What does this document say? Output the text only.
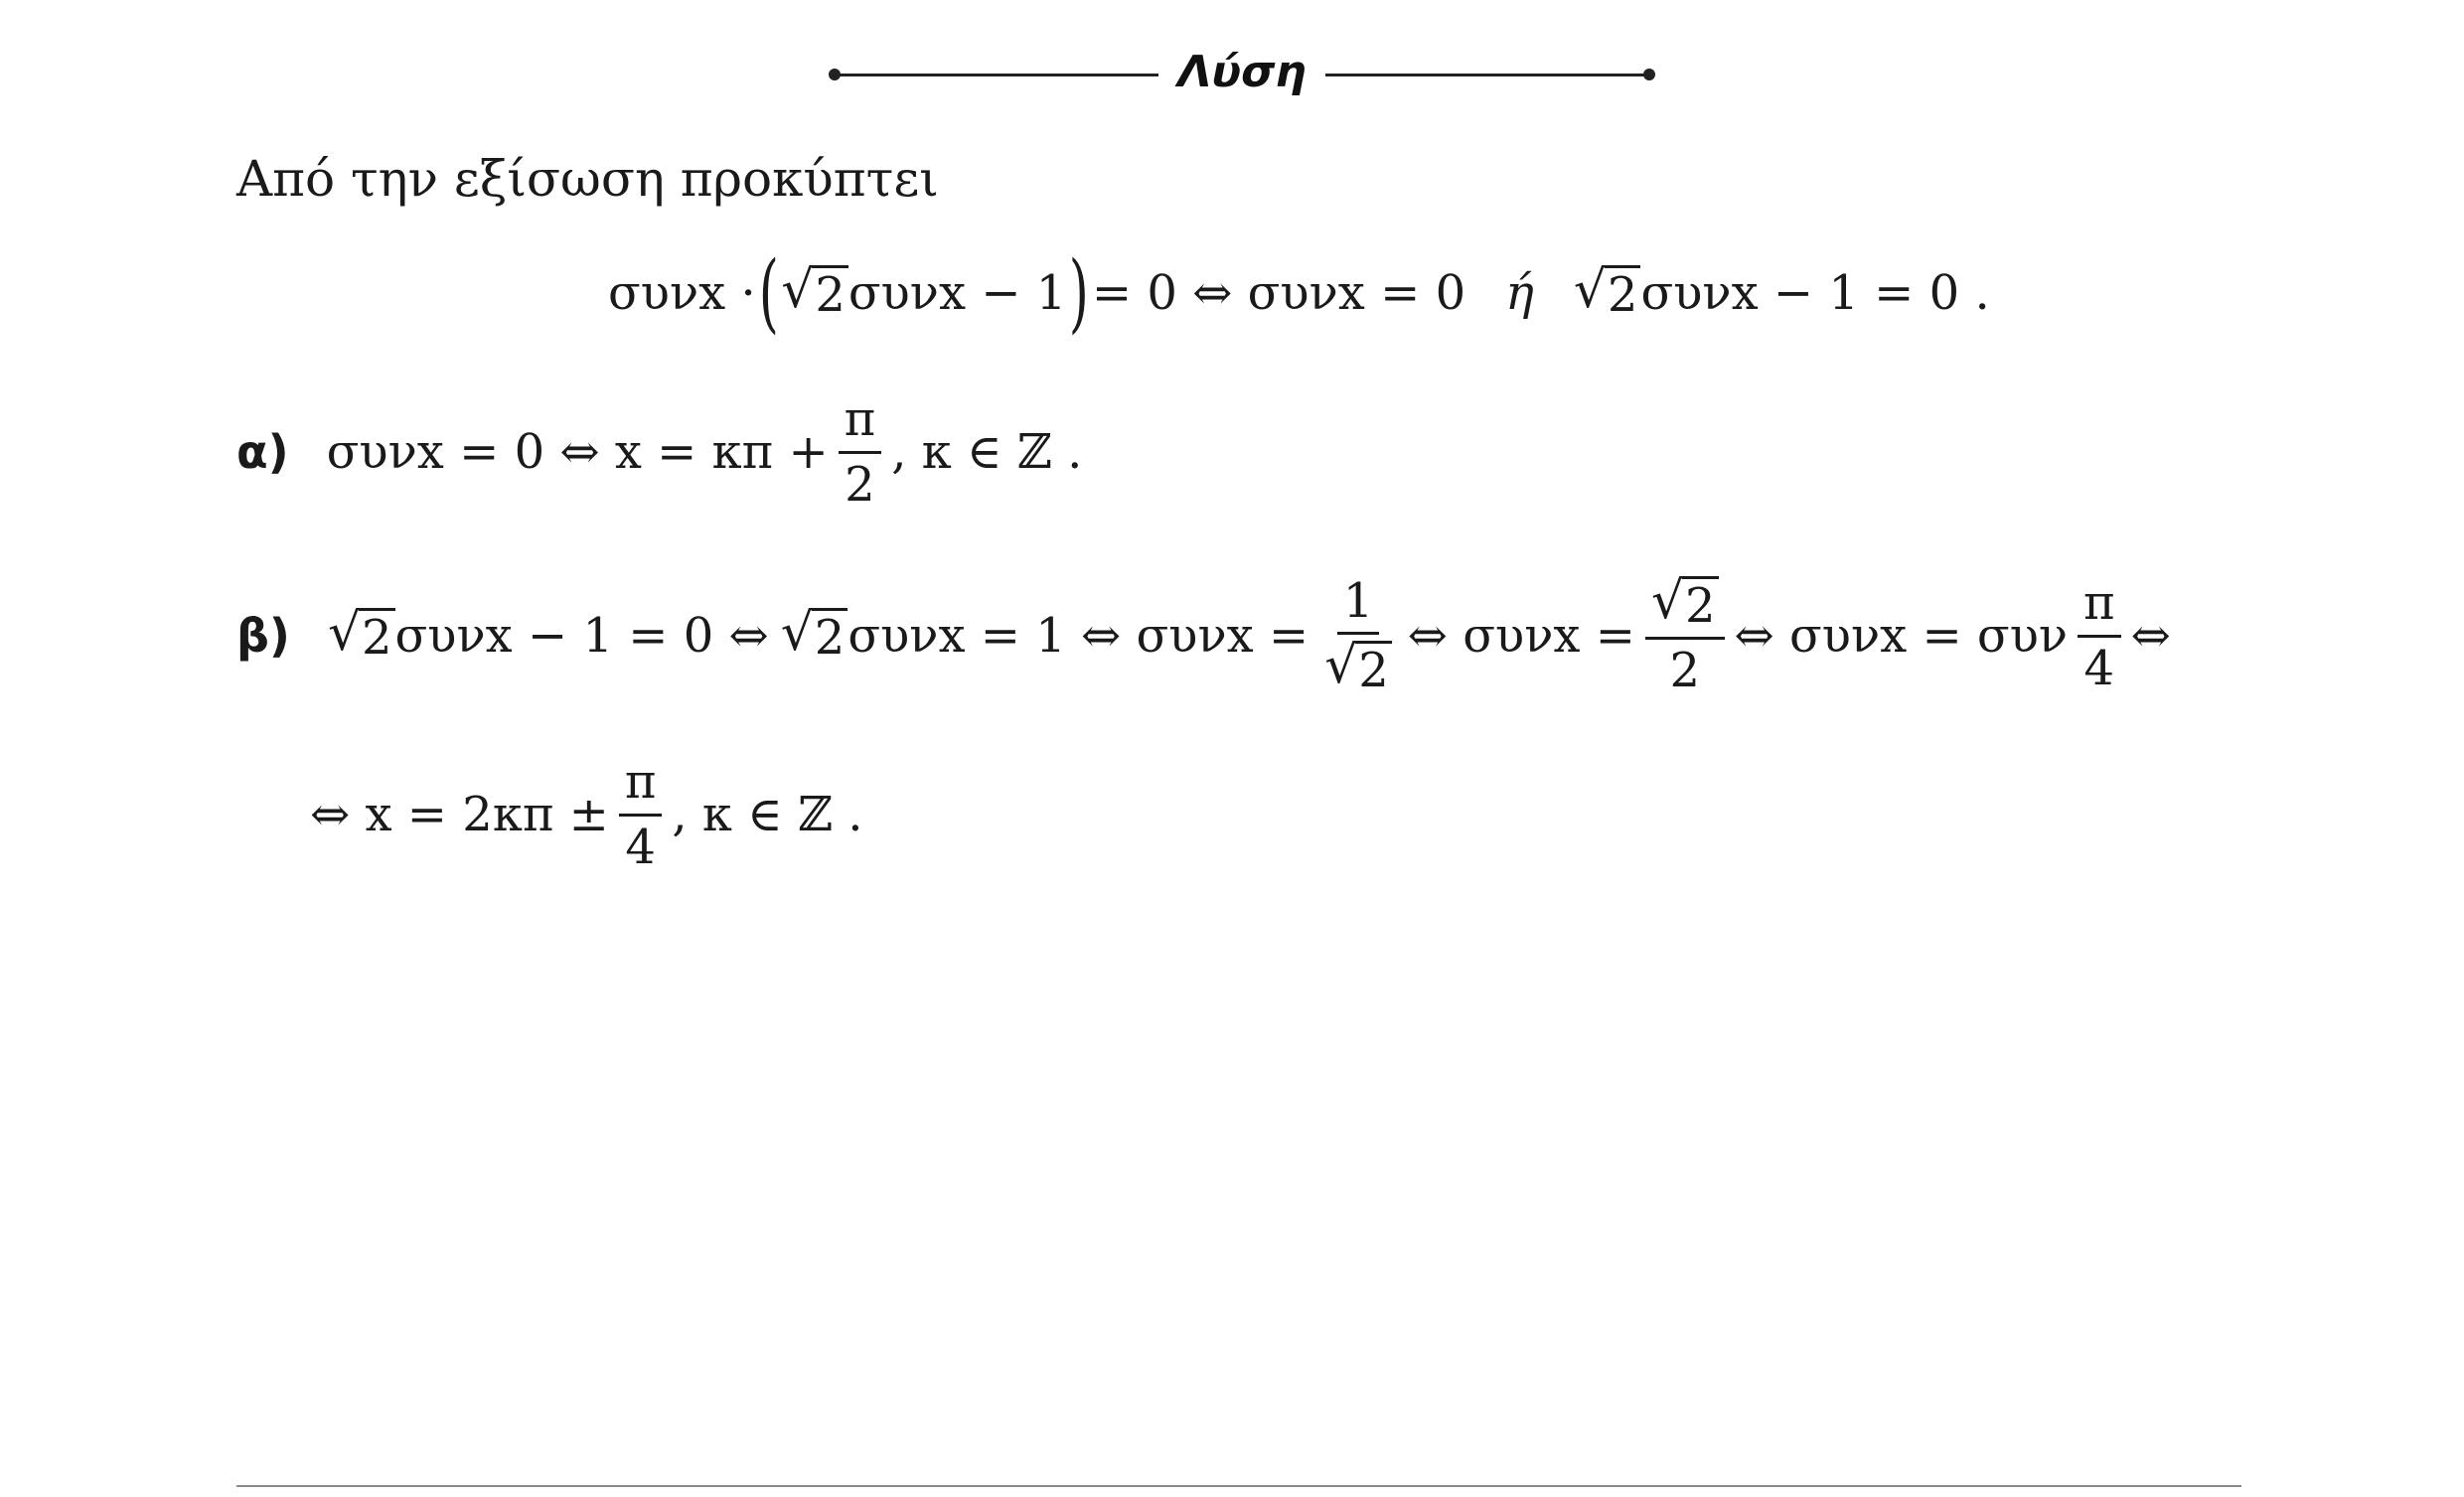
Λύση
Από την εξίσωση προκύπτει
συνx · ( √ 2 συνx − 1 ) = 0 ⇔ συνx = 0 ή √ 2 συνx − 1 = 0 .
α) συνx = 0 ⇔ $x = \kappa\pi + \frac{\pi}{2}$ , κ ∈ ℤ .
β) √ 2 συνx − 1 = 0 ⇔ √ 2 συνx = 1 ⇔ $\sigma\upsilon\nu x = \frac{1}{√ 2}$ ⇔ $\sigma\upsilon\nu x = \frac{√ 2}{2}$ ⇔ συνx = συν $\frac{\pi}{4}$ ⇔
⇔ $x = 2\kappa\pi \pm \frac{\pi}{4}$ , κ ∈ ℤ .
